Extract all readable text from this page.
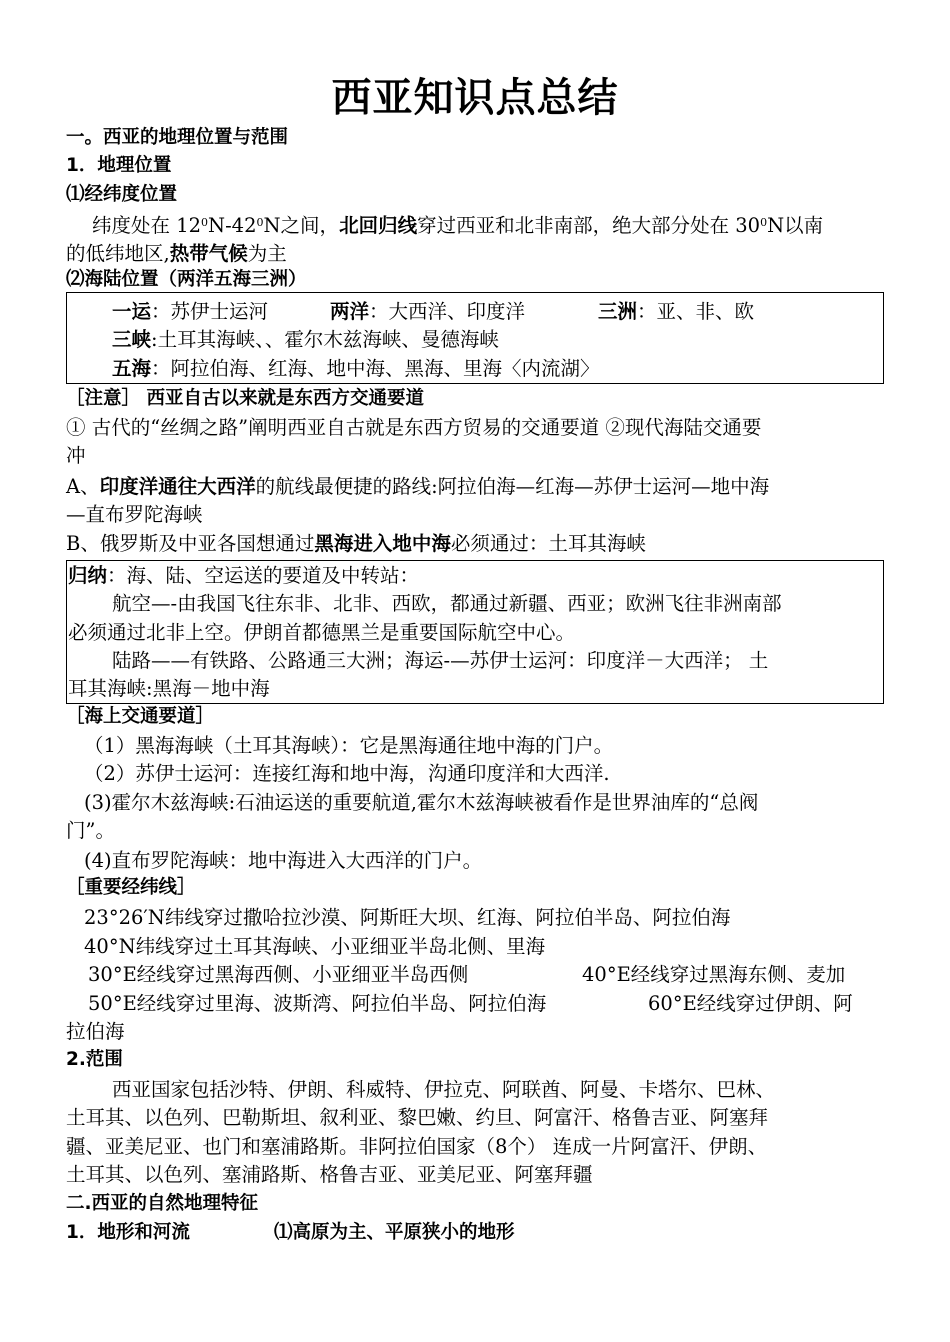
西亚知识点总结
一。西亚的地理位置与范围
1．地理位置
⑴经纬度位置
纬度处在 $12^0N-42^0N$之间，北回归线穿过西亚和北非南部，绝大部分处在 $30^0N$以南
的低纬地区,热带气候为主
⑵海陆位置（两洋五海三洲）
一运：苏伊士运河	两洋：大西洋、印度洋	三洲：亚、非、欧
三峡:土耳其海峡、、霍尔木兹海峡、曼德海峡
五海：阿拉伯海、红海、地中海、黑海、里海〈内流湖〉
［注意］ 西亚自古以来就是东西方交通要道
① 古代的“丝绸之路”阐明西亚自古就是东西方贸易的交通要道 ②现代海陆交通要
冲
A、印度洋通往大西洋的航线最便捷的路线:阿拉伯海—红海—苏伊士运河—地中海
—直布罗陀海峡
B、俄罗斯及中亚各国想通过黑海进入地中海必须通过：土耳其海峡
归纳：海、陆、空运送的要道及中转站：
航空—-由我国飞往东非、北非、西欧，都通过新疆、西亚；欧洲飞往非洲南部
必须通过北非上空。伊朗首都德黑兰是重要国际航空中心。
陆路——有铁路、公路通三大洲；海运-—苏伊士运河：印度洋－大西洋； 土
耳其海峡:黑海－地中海
［海上交通要道］
（1）黑海海峡（土耳其海峡）：它是黑海通往地中海的门户。
（2）苏伊士运河：连接红海和地中海，沟通印度洋和大西洋.
(3)霍尔木兹海峡:石油运送的重要航道,霍尔木兹海峡被看作是世界油库的“总阀
门”。
(4)直布罗陀海峡：地中海进入大西洋的门户。
［重要经纬线］
23°26′N纬线穿过撒哈拉沙漠、阿斯旺大坝、红海、阿拉伯半岛、阿拉伯海
40°N纬线穿过土耳其海峡、小亚细亚半岛北侧、里海
30°E经线穿过黑海西侧、小亚细亚半岛西侧	40°E经线穿过黑海东侧、麦加
50°E经线穿过里海、波斯湾、阿拉伯半岛、阿拉伯海	60°E经线穿过伊朗、阿
拉伯海
2.范围
西亚国家包括沙特、伊朗、科威特、伊拉克、阿联酋、阿曼、卡塔尔、巴林、
土耳其、以色列、巴勒斯坦、叙利亚、黎巴嫩、约旦、阿富汗、格鲁吉亚、阿塞拜
疆、亚美尼亚、也门和塞浦路斯。非阿拉伯国家（8个） 连成一片阿富汗、伊朗、
土耳其、以色列、塞浦路斯、格鲁吉亚、亚美尼亚、阿塞拜疆
二.西亚的自然地理特征
1．地形和河流	⑴高原为主、平原狭小的地形
